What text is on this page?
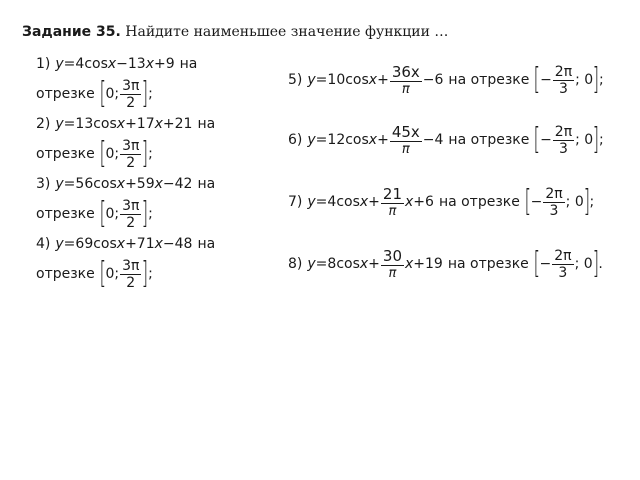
Задание 35. Найдите наименьшее значение функции …
1) y = 4cos x −13 x +9 на
отрезке [ 0; $\frac{3\pi}{2}$ ] ;
2) y = 13cos x +17 x +21 на
отрезке [ 0; $\frac{3\pi}{2}$ ] ;
3) y = 56cos x +59 x −42 на
отрезке [ 0; $\frac{3\pi}{2}$ ] ;
4) y = 69cos x +71 x −48 на
отрезке [ 0; $\frac{3\pi}{2}$ ] ;
5) y = 10cos $x + \frac{36x}{\pi} -6$ на отрезке [ − $\frac{2\pi}{3}$ ; 0 ] ;
6) y = 12cos $x + \frac{45x}{\pi} -4$ на отрезке [ − $\frac{2\pi}{3}$ ; 0 ] ;
7) y = 4cos $x + \frac{21}{\pi}$ x +6 на отрезке [ − $\frac{2\pi}{3}$ ; 0 ] ;
8) y = 8cos $x + \frac{30}{\pi}$ x +19 на отрезке [ − $\frac{2\pi}{3}$ ; 0 ] .
